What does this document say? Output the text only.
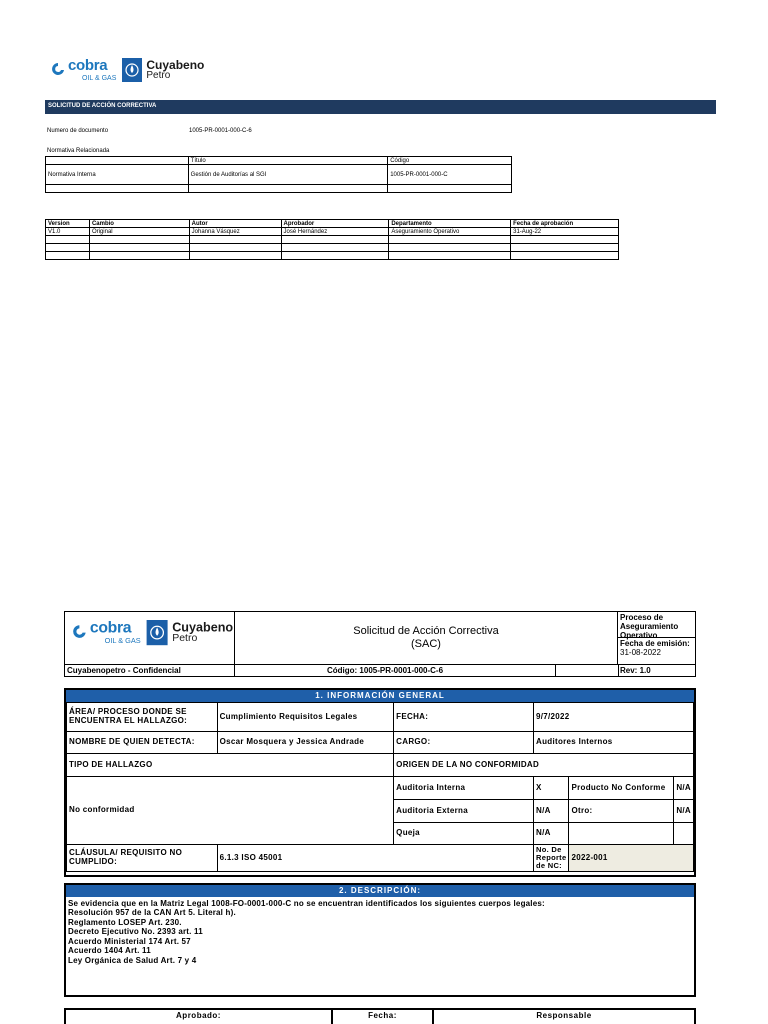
cobra
OIL & GAS
Cuyabeno
Petro
SOLICITUD DE ACCIÓN CORRECTIVA
Numero de documento	1005-PR-0001-000-C-6
Normativa Relacionada
	Título	Código
Normativa Interna	Gestión de Auditorías al SGI	1005-PR-0001-000-C

Version	Cambio	Autor	Aprobador	Departamento	Fecha de aprobación
V1.0	Original	Johanna Vásquez	José Hernández	Aseguramiento Operativo	31-Aug-22

cobra
OIL & GAS
Cuyabeno
Petro
Solicitud de Acción Correctiva
(SAC)
Proceso de Aseguramiento Operativo
Fecha de emisión:
31-08-2022
Cuyabenopetro - Confidencial	Código: 1005-PR-0001-000-C-6	Rev: 1.0
1. INFORMACIÓN GENERAL
ÁREA/ PROCESO DONDE SE ENCUENTRA EL HALLAZGO:	Cumplimiento Requisitos Legales	FECHA:	9/7/2022		
NOMBRE DE QUIEN DETECTA:	Oscar Mosquera y Jessica Andrade	CARGO:	Auditores Internos		
TIPO DE HALLAZGO		ORIGEN DE LA NO CONFORMIDAD			
No conformidad		Auditoria Interna	X	Producto No Conforme	N/A
		Auditoria Externa	N/A	Otro:	N/A
		Queja	N/A		
CLÁUSULA/ REQUISITO NO CUMPLIDO:	6.1.3 ISO 45001		No. De Reporte de NC:	2022-001	
2. DESCRIPCIÓN:
Se evidencia que en la Matriz Legal 1008-FO-0001-000-C no se encuentran identificados los siguientes cuerpos legales:
Resolución 957 de la CAN Art 5. Literal h).
Reglamento LOSEP Art. 230.
Decreto Ejecutivo No. 2393 art. 11
Acuerdo Ministerial 174 Art. 57
Acuerdo 1404 Art. 11
Ley Orgánica de Salud Art. 7 y 4
Aprobado:	Fecha:	Responsable
